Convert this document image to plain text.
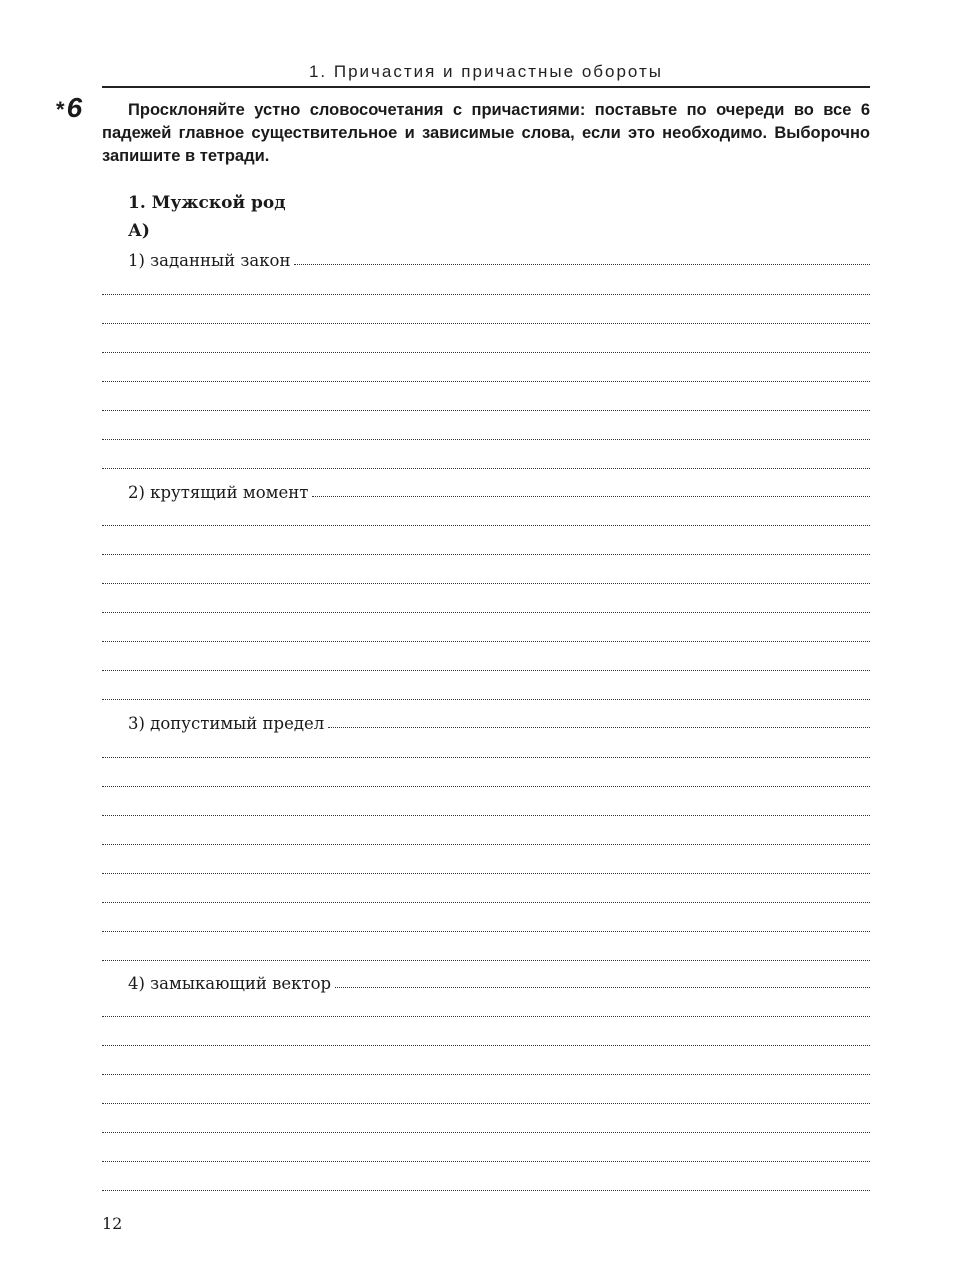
1. Причастия и причастные обороты
* 6	Просклоняйте устно словосочетания с причастиями: поставьте по очереди во все 6 падежей главное существительное и зависимые слова, если это необходимо. Выборочно запишите в тетради.

1. Мужской род
А)
1) заданный закон
2) крутящий момент
3) допустимый предел
4) замыкающий вектор
12
